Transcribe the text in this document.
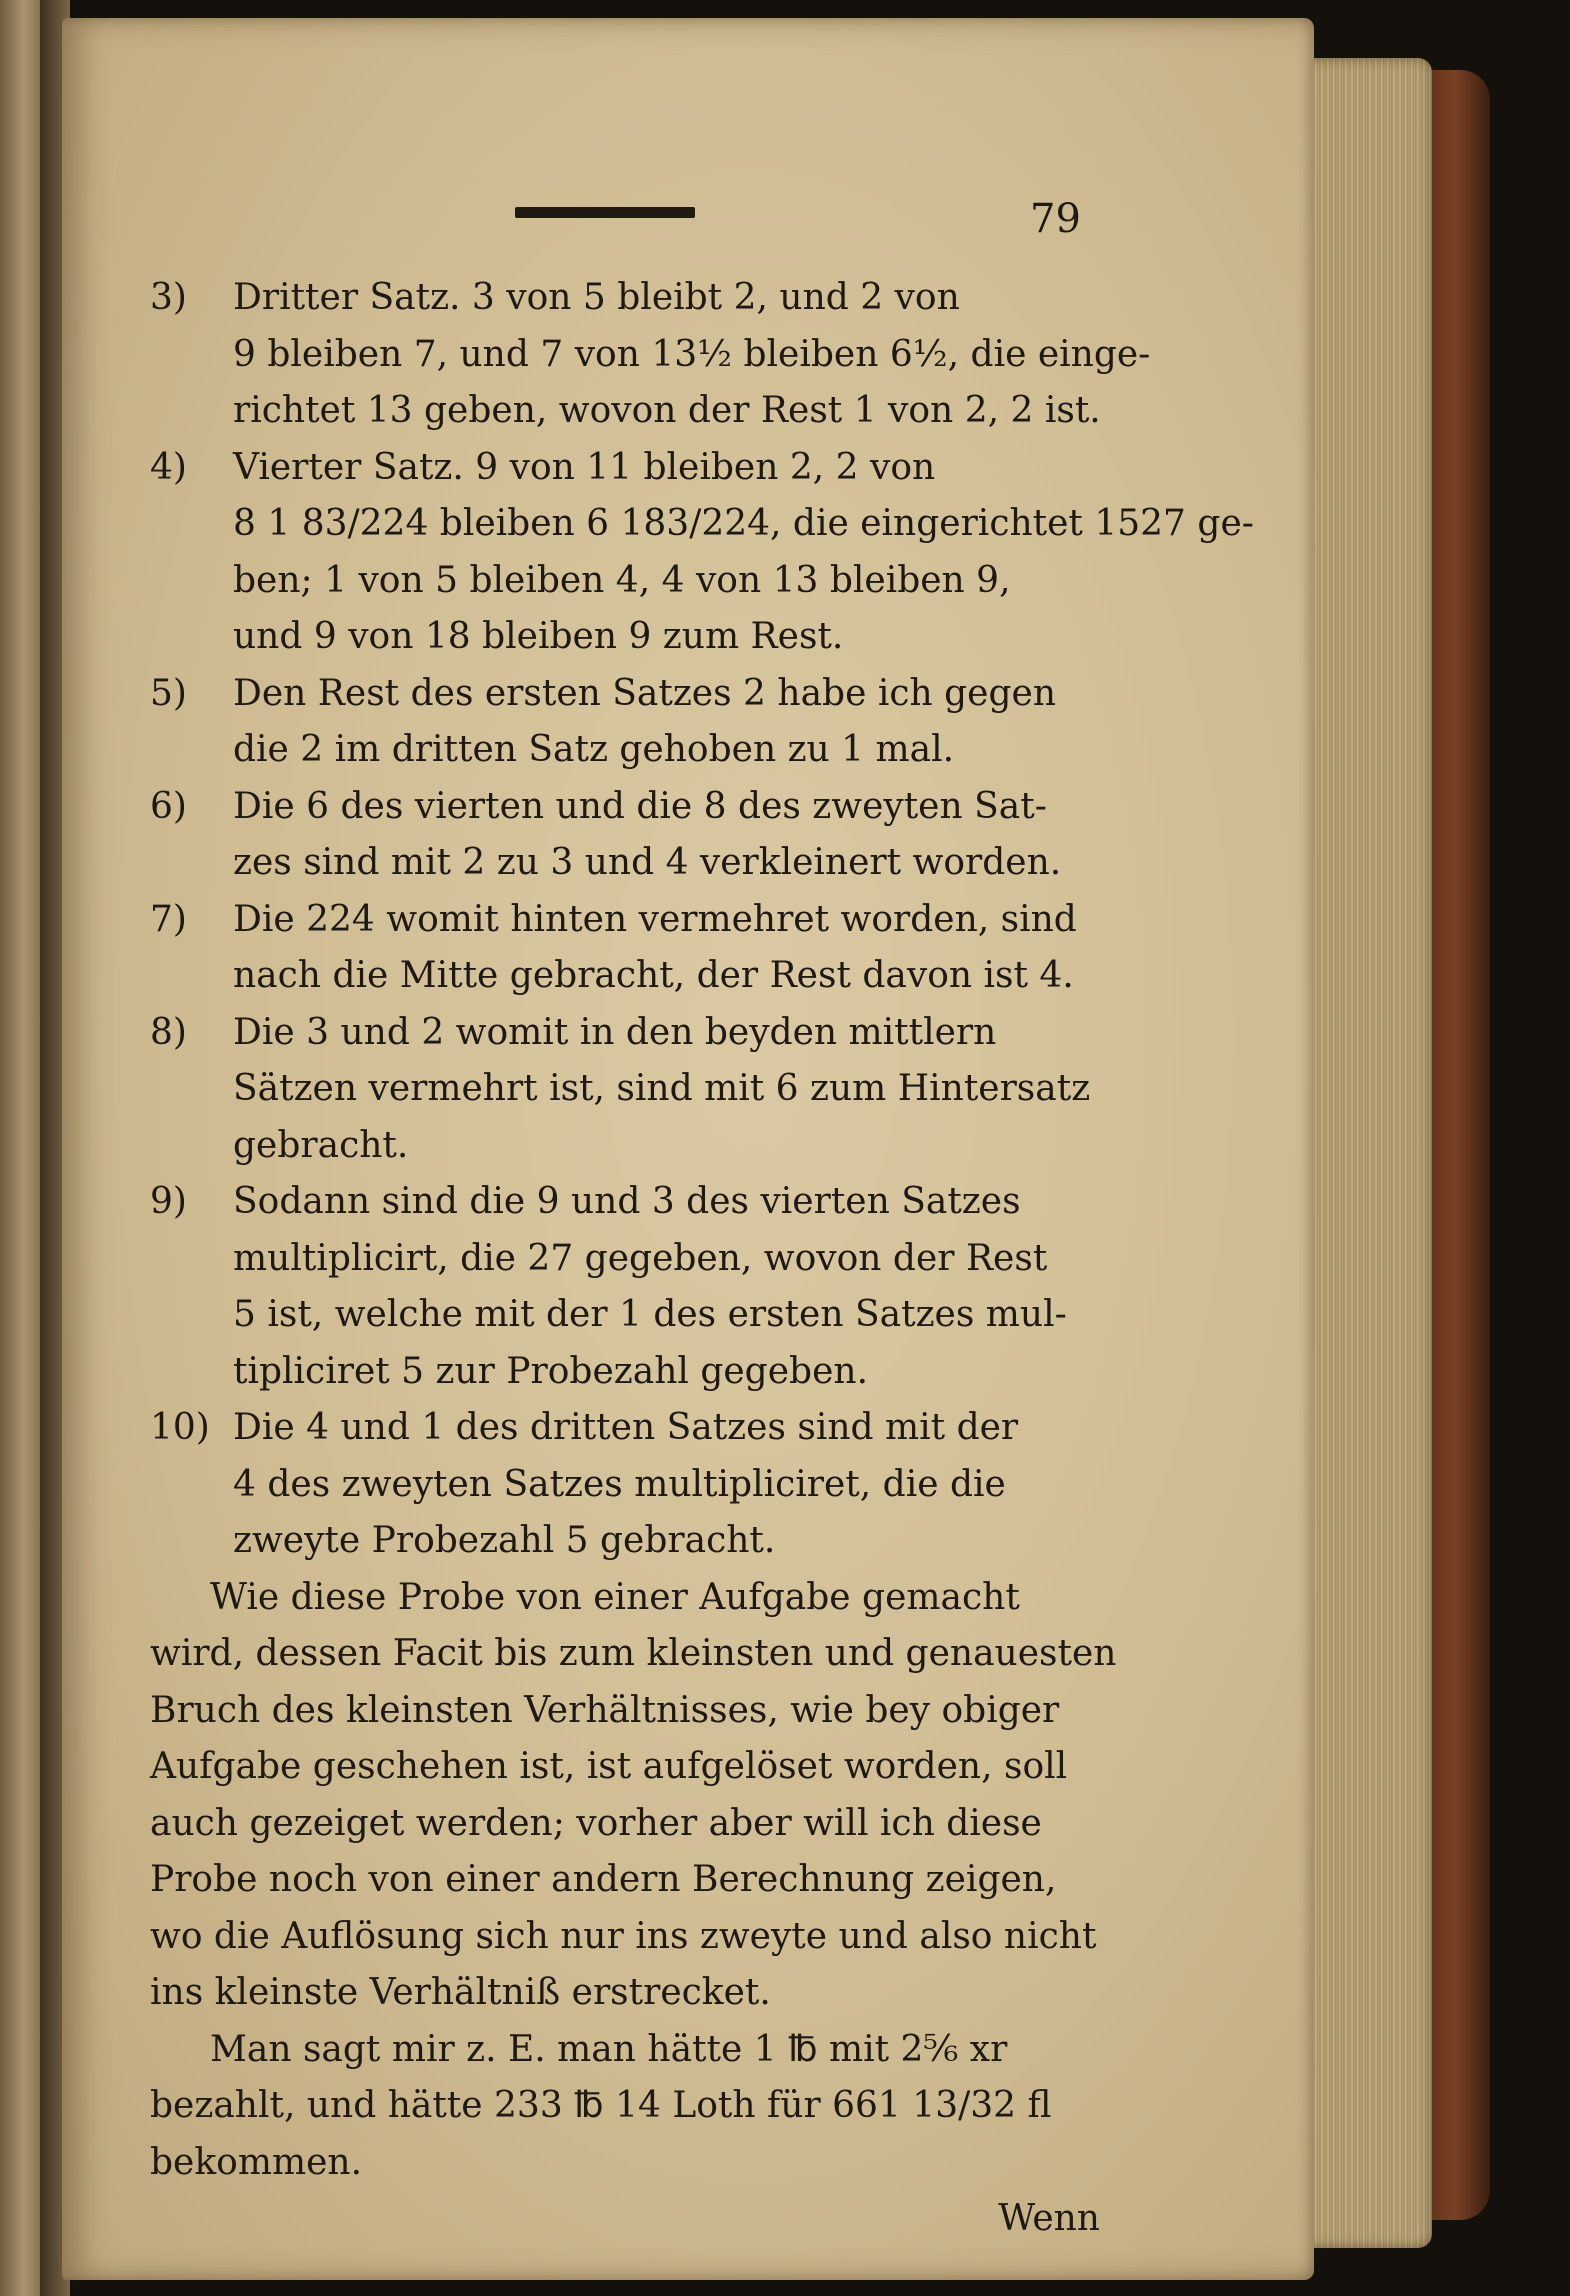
79
3)	Dritter Satz. 3 von 5 bleibt 2, und 2 von
9 bleiben 7, und 7 von 13½ bleiben 6½, die einge-
richtet 13 geben, wovon der Rest 1 von 2, 2 ist.
4)	Vierter Satz. 9 von 11 bleiben 2, 2 von
8 1 83/224 bleiben 6 183/224, die eingerichtet 1527 ge-
ben; 1 von 5 bleiben 4, 4 von 13 bleiben 9,
und 9 von 18 bleiben 9 zum Rest.
5)	Den Rest des ersten Satzes 2 habe ich gegen
die 2 im dritten Satz gehoben zu 1 mal.
6)	Die 6 des vierten und die 8 des zweyten Sat-
zes sind mit 2 zu 3 und 4 verkleinert worden.
7)	Die 224 womit hinten vermehret worden, sind
nach die Mitte gebracht, der Rest davon ist 4.
8)	Die 3 und 2 womit in den beyden mittlern
Sätzen vermehrt ist, sind mit 6 zum Hintersatz
gebracht.
9)	Sodann sind die 9 und 3 des vierten Satzes
multiplicirt, die 27 gegeben, wovon der Rest
5 ist, welche mit der 1 des ersten Satzes mul-
tipliciret 5 zur Probezahl gegeben.
10) Die 4 und 1 des dritten Satzes sind mit der
4 des zweyten Satzes multipliciret, die die
zweyte Probezahl 5 gebracht.
Wie diese Probe von einer Aufgabe gemacht
wird, dessen Facit bis zum kleinsten und genauesten
Bruch des kleinsten Verhältnisses, wie bey obiger
Aufgabe geschehen ist, ist aufgelöset worden, soll
auch gezeiget werden; vorher aber will ich diese
Probe noch von einer andern Berechnung zeigen,
wo die Auflösung sich nur ins zweyte und also nicht
ins kleinste Verhältniß erstrecket.
Man sagt mir z. E. man hätte 1 ℔ mit 2⅚ xr
bezahlt, und hätte 233 ℔ 14 Loth für 661 13/32 fl
bekommen.
Wenn
